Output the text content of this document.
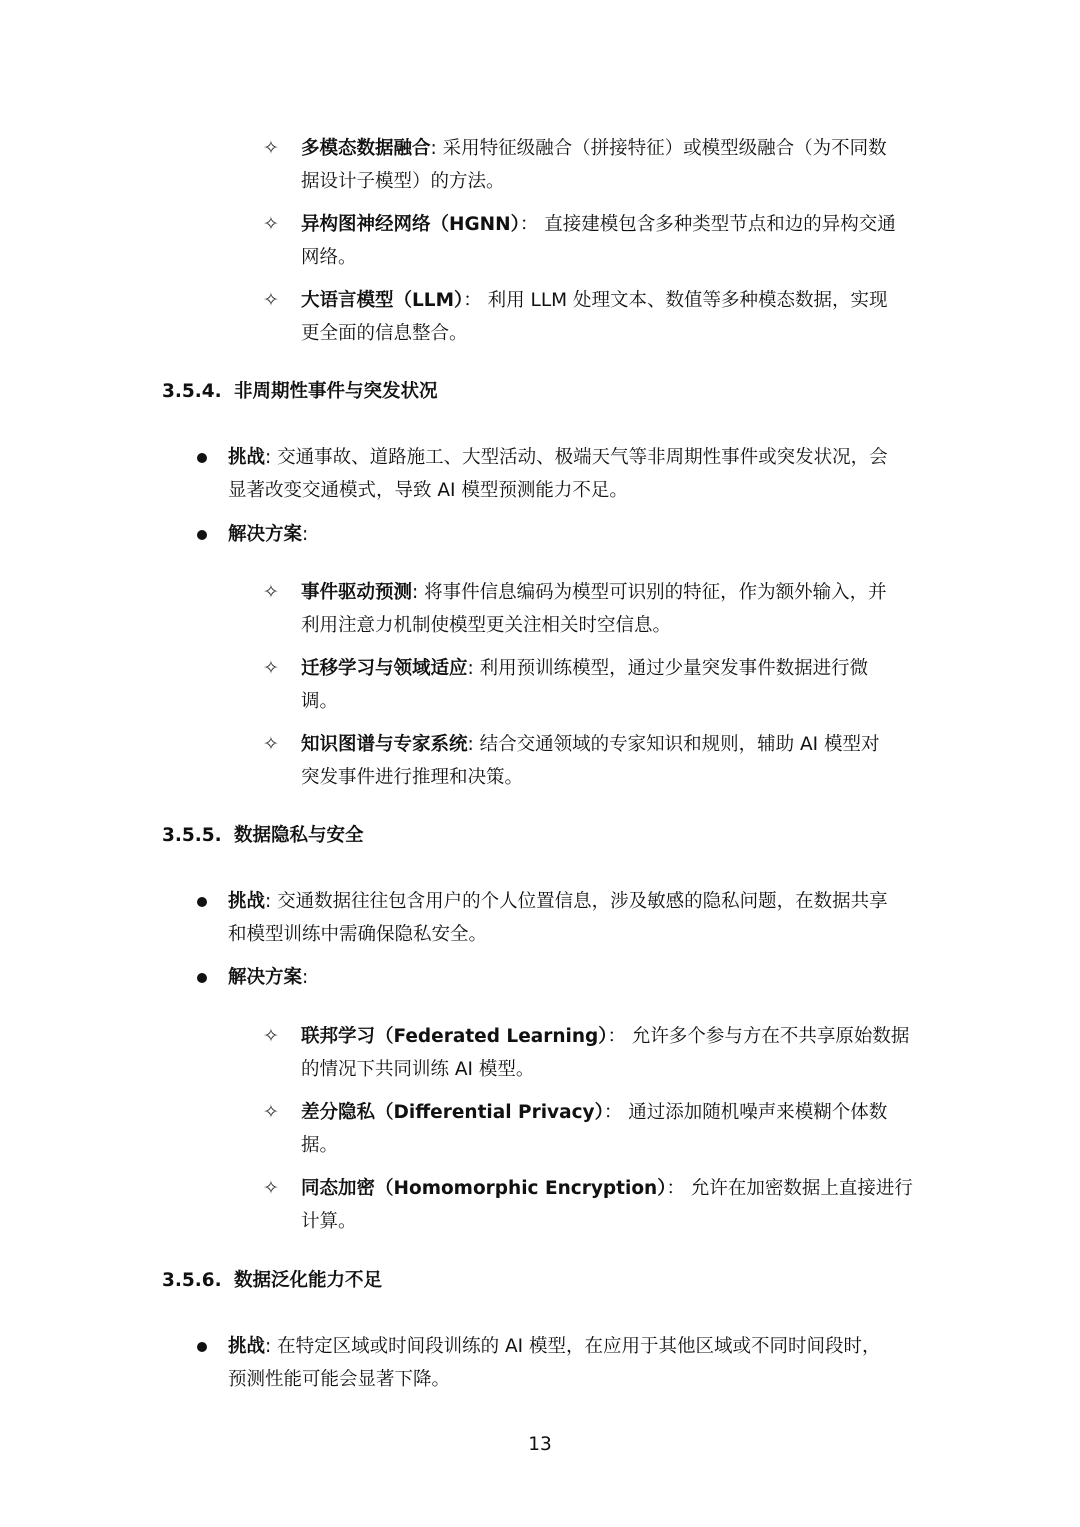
✧ 多模态数据融合: 采用特征级融合（拼接特征）或模型级融合（为不同数
据设计子模型）的方法。
✧ 异构图神经网络（HGNN）： 直接建模包含多种类型节点和边的异构交通
网络。
✧ 大语言模型（LLM）： 利用 LLM 处理文本、数值等多种模态数据，实现
更全面的信息整合。
3.5.4. 非周期性事件与突发状况
挑战: 交通事故、道路施工、大型活动、极端天气等非周期性事件或突发状况，会
显著改变交通模式，导致 AI 模型预测能力不足。
解决方案:
✧ 事件驱动预测: 将事件信息编码为模型可识别的特征，作为额外输入，并
利用注意力机制使模型更关注相关时空信息。
✧ 迁移学习与领域适应: 利用预训练模型，通过少量突发事件数据进行微
调。
✧ 知识图谱与专家系统: 结合交通领域的专家知识和规则，辅助 AI 模型对
突发事件进行推理和决策。
3.5.5. 数据隐私与安全
挑战: 交通数据往往包含用户的个人位置信息，涉及敏感的隐私问题，在数据共享
和模型训练中需确保隐私安全。
解决方案:
✧ 联邦学习（Federated Learning）： 允许多个参与方在不共享原始数据
的情况下共同训练 AI 模型。
✧ 差分隐私（Differential Privacy）： 通过添加随机噪声来模糊个体数
据。
✧ 同态加密（Homomorphic Encryption）： 允许在加密数据上直接进行
计算。
3.5.6. 数据泛化能力不足
挑战: 在特定区域或时间段训练的 AI 模型，在应用于其他区域或不同时间段时，
预测性能可能会显著下降。
13
